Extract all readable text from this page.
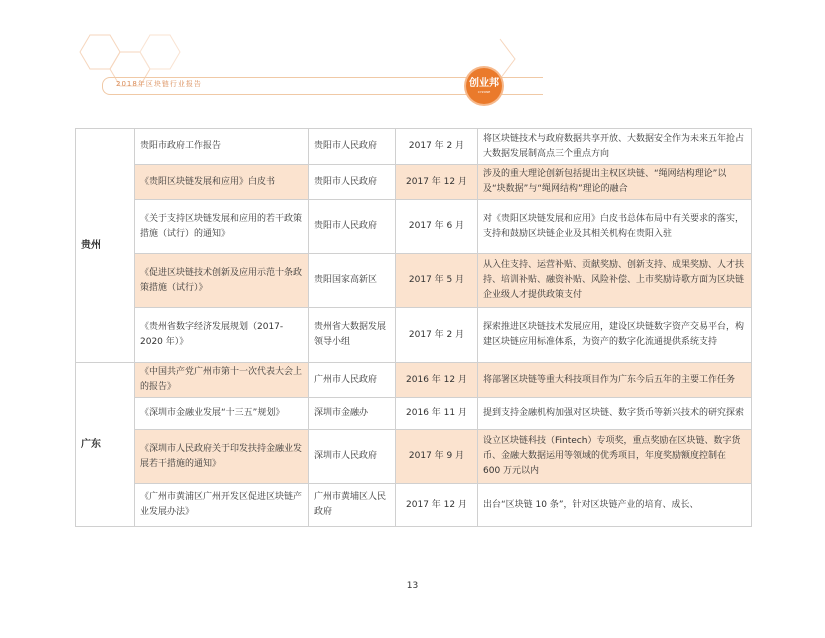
2018年区块链行业报告	创业邦
CYZONE
贵州	贵阳市政府工作报告	贵阳市人民政府	2017 年 2 月	将区块链技术与政府数据共享开放、大数据安全作为未来五年抢占大数据发展制高点三个重点方向
	《贵阳区块链发展和应用》白皮书	贵阳市人民政府	2017 年 12 月	涉及的重大理论创新包括提出主权区块链、“绳网结构理论”以及“块数据”与“绳网结构”理论的融合
	《关于支持区块链发展和应用的若干政策措施（试行）的通知》	贵阳市人民政府	2017 年 6 月	对《贵阳区块链发展和应用》白皮书总体布局中有关要求的落实，支持和鼓励区块链企业及其相关机构在贵阳入驻
	《促进区块链技术创新及应用示范十条政策措施（试行）》	贵阳国家高新区	2017 年 5 月	从入住支持、运营补贴、贡献奖励、创新支持、成果奖励、人才扶持、培训补贴、融资补贴、风险补偿、上市奖励诗歌方面为区块链企业级人才提供政策支付
	《贵州省数字经济发展规划（2017-2020 年）》	贵州省大数据发展领导小组	2017 年 2 月	探索推进区块链技术发展应用，建设区块链数字资产交易平台，构建区块链应用标准体系，为资产的数字化流通提供系统支持
广东	《中国共产党广州市第十一次代表大会上的报告》	广州市人民政府	2016 年 12 月	将部署区块链等重大科技项目作为广东今后五年的主要工作任务
	《深圳市金融业发展“十三五”规划》	深圳市金融办	2016 年 11 月	提到支持金融机构加强对区块链、数字货币等新兴技术的研究探索
	《深圳市人民政府关于印发扶持金融业发展若干措施的通知》	深圳市人民政府	2017 年 9 月	设立区块链科技（Fintech）专项奖，重点奖励在区块链、数字货币、金融大数据运用等领域的优秀项目，年度奖励额度控制在 600 万元以内
	《广州市黄浦区广州开发区促进区块链产业发展办法》	广州市黄埔区人民政府	2017 年 12 月	出台“区块链 10 条”，针对区块链产业的培育、成长、
13
